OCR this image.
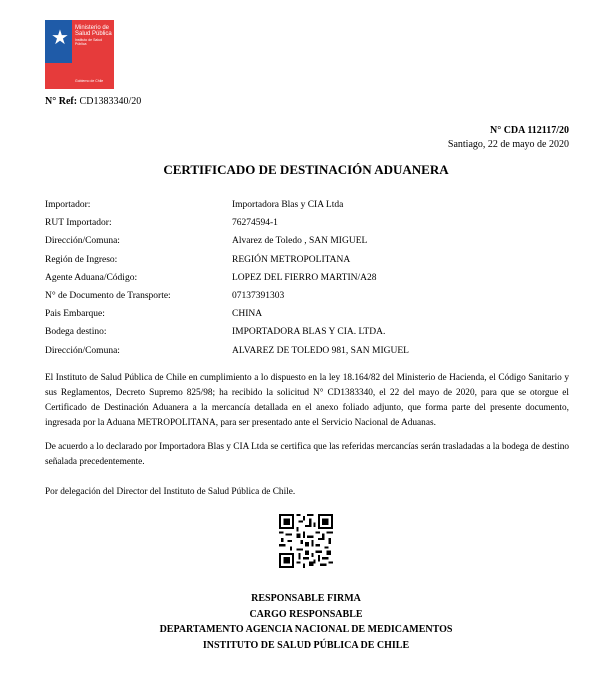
★ Ministerio de
Salud Pública
Instituto de Salud Pública
Gobierno de Chile
N° Ref: CD1383340/20
N° CDA 112117/20
Santiago, 22 de mayo de 2020
CERTIFICADO DE DESTINACIÓN ADUANERA
Importador:	Importadora Blas y CIA Ltda
RUT Importador:	76274594-1
Dirección/Comuna:	Alvarez de Toledo , SAN MIGUEL
Región de Ingreso:	REGIÓN METROPOLITANA
Agente Aduana/Código:	LOPEZ DEL FIERRO MARTIN/A28
N° de Documento de Transporte:	07137391303
Pais Embarque:	CHINA
Bodega destino:	IMPORTADORA BLAS Y CIA. LTDA.
Dirección/Comuna:	ALVAREZ DE TOLEDO 981, SAN MIGUEL
El Instituto de Salud Pública de Chile en cumplimiento a lo dispuesto en la ley 18.164/82 del Ministerio de Hacienda, el Código Sanitario y sus Reglamentos, Decreto Supremo 825/98; ha recibido la solicitud N° CD1383340, el 22 del mayo de 2020, para que se otorgue el Certificado de Destinación Aduanera a la mercancía detallada en el anexo foliado adjunto, que forma parte del presente documento, ingresada por la Aduana METROPOLITANA, para ser presentado ante el Servicio Nacional de Aduanas.
De acuerdo a lo declarado por Importadora Blas y CIA Ltda se certifica que las referidas mercancías serán trasladadas a la bodega de destino señalada precedentemente.
Por delegación del Director del Instituto de Salud Pública de Chile.
RESPONSABLE FIRMA
CARGO RESPONSABLE
DEPARTAMENTO AGENCIA NACIONAL DE MEDICAMENTOS
INSTITUTO DE SALUD PÚBLICA DE CHILE
